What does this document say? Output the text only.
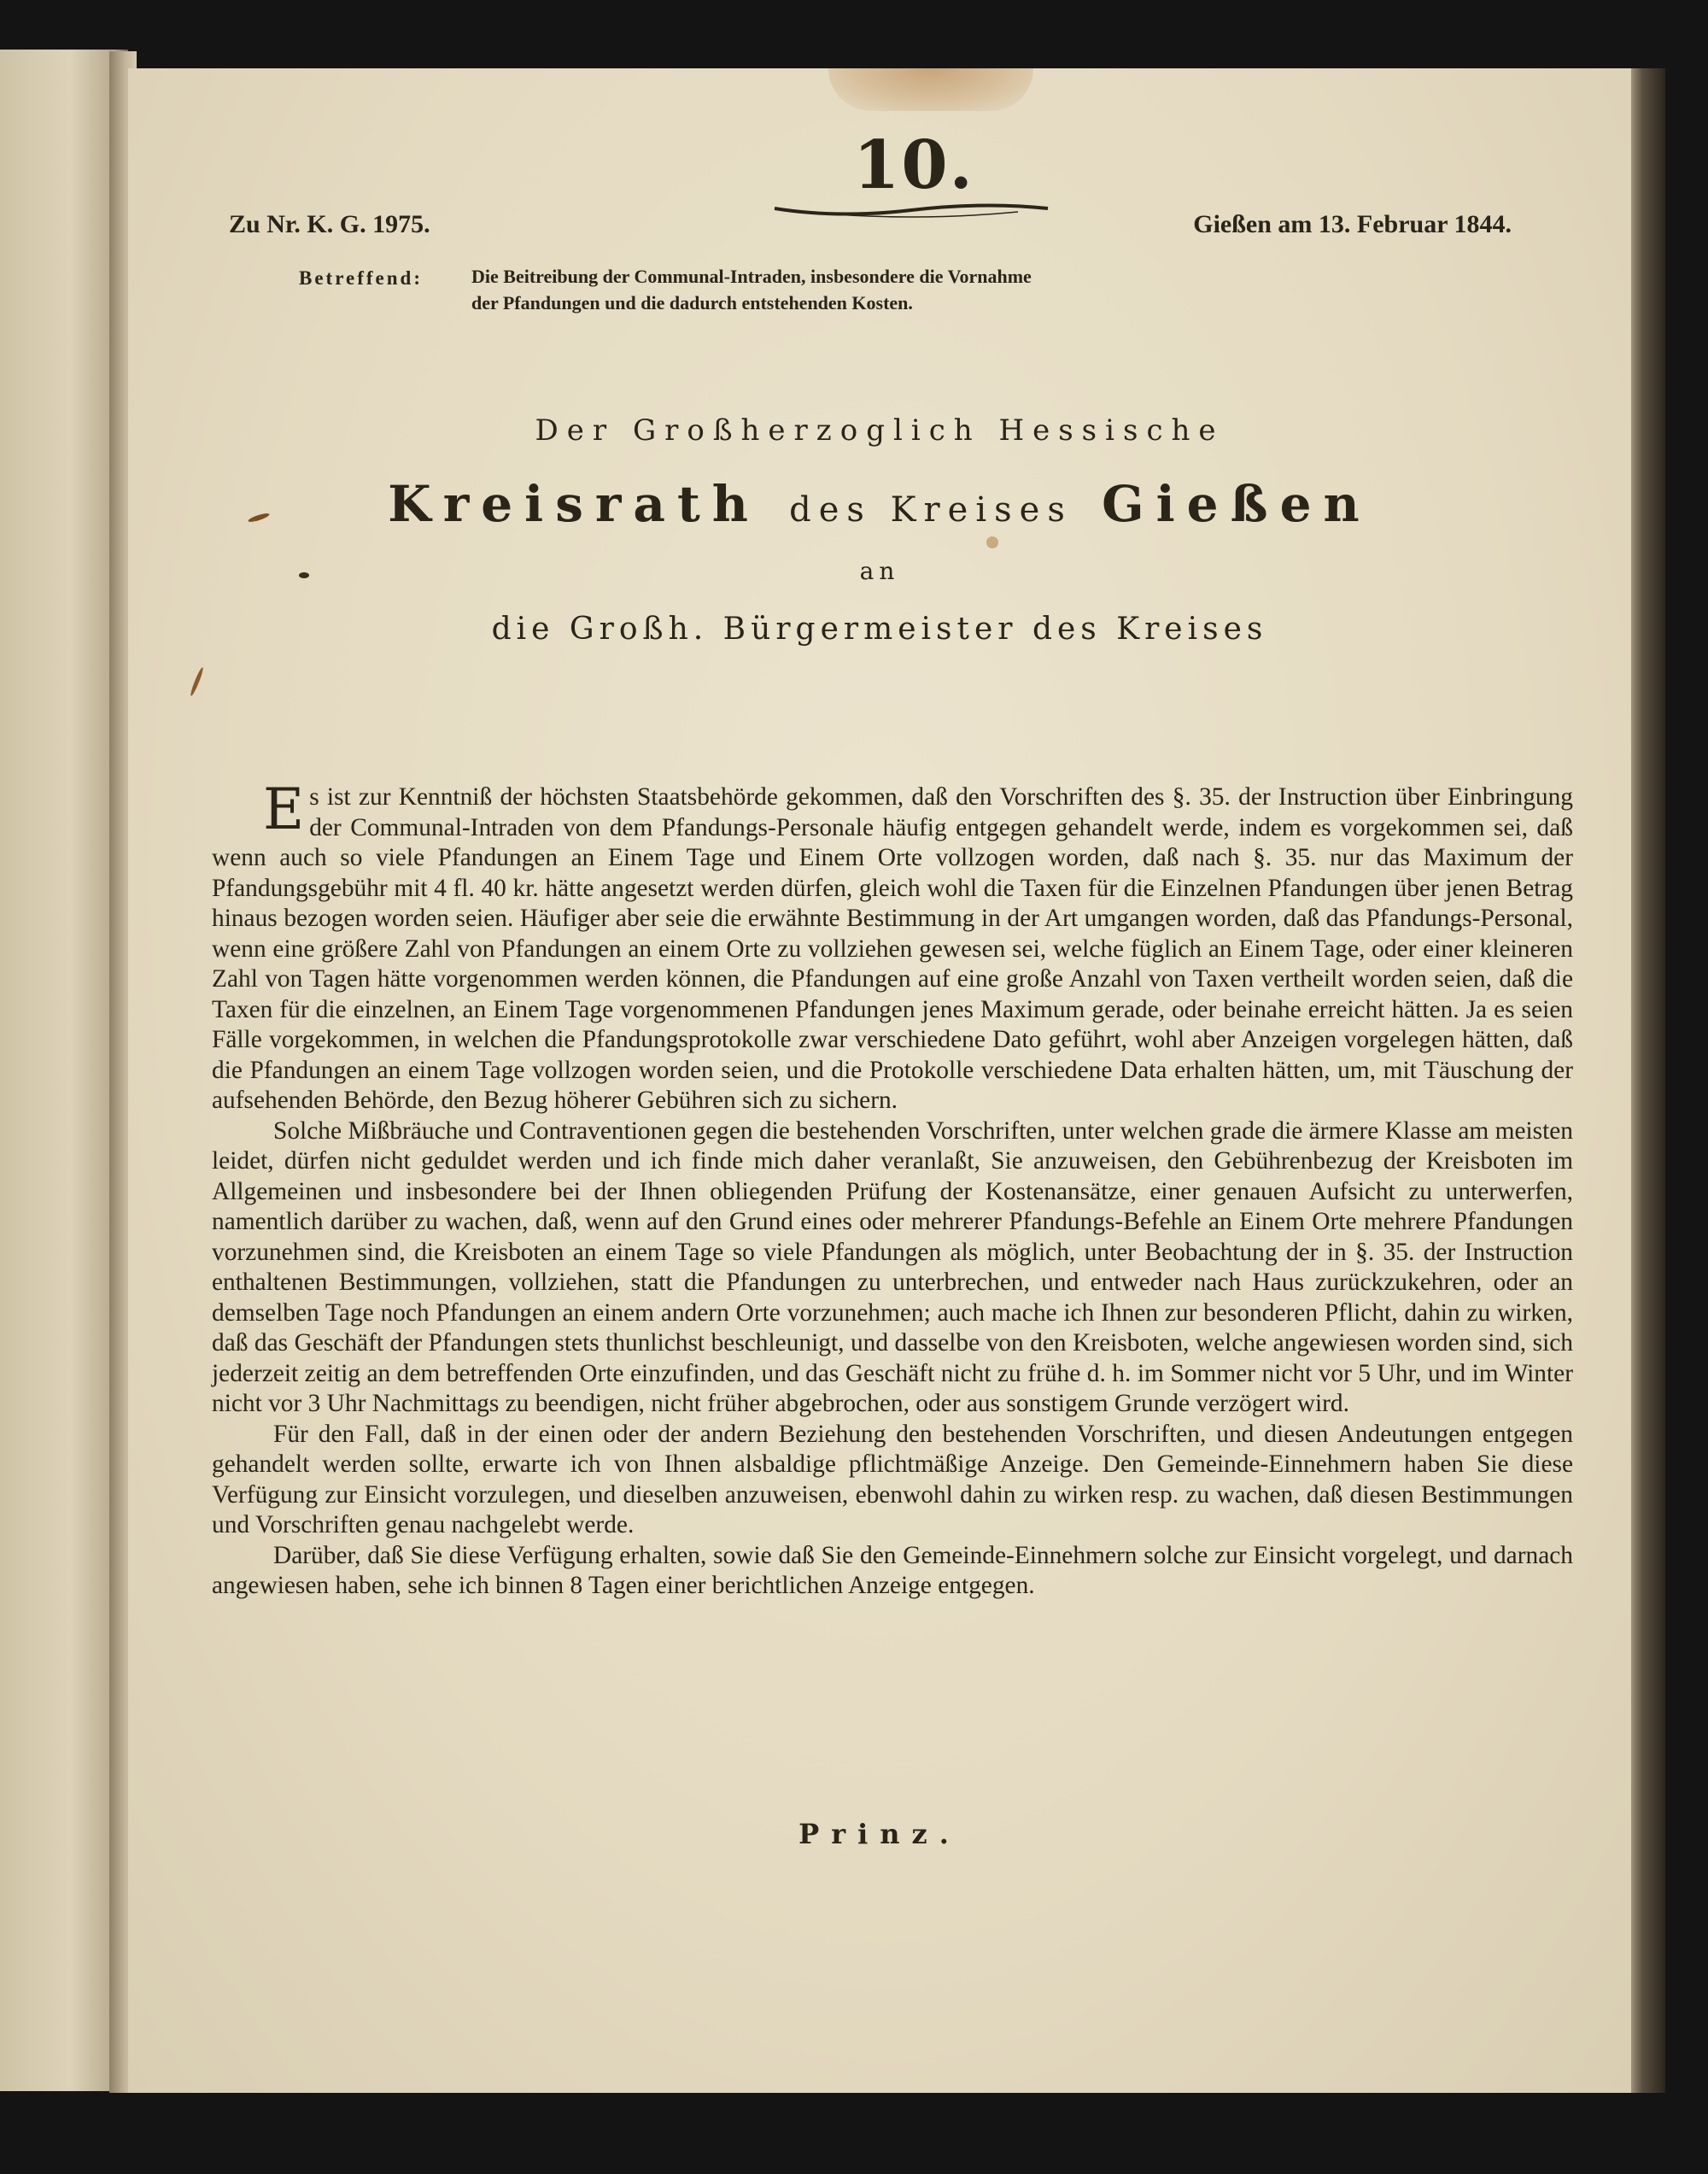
10.
Zu Nr. K. G. 1975.	Gießen am 13. Februar 1844.
Betreffend:	Die Beitreibung der Communal-Intraden, insbesondere die Vornahme der Pfandungen und die dadurch entstehenden Kosten.
Der Großherzoglich Hessische
Kreisrath des Kreises Gießen
an
die Großh. Bürgermeister des Kreises

Es ist zur Kenntniß der höchsten Staatsbehörde gekommen, daß den Vorschriften des §. 35. der Instruction über Einbringung der Communal-Intraden von dem Pfandungs-Personale häufig entgegen gehandelt werde, indem es vorgekommen sei, daß wenn auch so viele Pfandungen an Einem Tage und Einem Orte vollzogen worden, daß nach §. 35. nur das Maximum der Pfandungsgebühr mit 4 fl. 40 kr. hätte angesetzt werden dürfen, gleich wohl die Taxen für die Einzelnen Pfandungen über jenen Betrag hinaus bezogen worden seien. Häufiger aber seie die erwähnte Bestimmung in der Art umgangen worden, daß das Pfandungs-Personal, wenn eine größere Zahl von Pfandungen an einem Orte zu vollziehen gewesen sei, welche füglich an Einem Tage, oder einer kleineren Zahl von Tagen hätte vorgenommen werden können, die Pfandungen auf eine große Anzahl von Taxen vertheilt worden seien, daß die Taxen für die einzelnen, an Einem Tage vorgenommenen Pfandungen jenes Maximum gerade, oder beinahe erreicht hätten. Ja es seien Fälle vorgekommen, in welchen die Pfandungsprotokolle zwar verschiedene Dato geführt, wohl aber Anzeigen vorgelegen hätten, daß die Pfandungen an einem Tage vollzogen worden seien, und die Protokolle verschiedene Data erhalten hätten, um, mit Täuschung der aufsehenden Behörde, den Bezug höherer Gebühren sich zu sichern.

Solche Mißbräuche und Contraventionen gegen die bestehenden Vorschriften, unter welchen grade die ärmere Klasse am meisten leidet, dürfen nicht geduldet werden und ich finde mich daher veranlaßt, Sie anzuweisen, den Gebührenbezug der Kreisboten im Allgemeinen und insbesondere bei der Ihnen obliegenden Prüfung der Kostenansätze, einer genauen Aufsicht zu unterwerfen, namentlich darüber zu wachen, daß, wenn auf den Grund eines oder mehrerer Pfandungs-Befehle an Einem Orte mehrere Pfandungen vorzunehmen sind, die Kreisboten an einem Tage so viele Pfandungen als möglich, unter Beobachtung der in §. 35. der Instruction enthaltenen Bestimmungen, vollziehen, statt die Pfandungen zu unterbrechen, und entweder nach Haus zurückzukehren, oder an demselben Tage noch Pfandungen an einem andern Orte vorzunehmen; auch mache ich Ihnen zur besonderen Pflicht, dahin zu wirken, daß das Geschäft der Pfandungen stets thunlichst beschleunigt, und dasselbe von den Kreisboten, welche angewiesen worden sind, sich jederzeit zeitig an dem betreffenden Orte einzufinden, und das Geschäft nicht zu frühe d. h. im Sommer nicht vor 5 Uhr, und im Winter nicht vor 3 Uhr Nachmittags zu beendigen, nicht früher abgebrochen, oder aus sonstigem Grunde verzögert wird.

Für den Fall, daß in der einen oder der andern Beziehung den bestehenden Vorschriften, und diesen Andeutungen entgegen gehandelt werden sollte, erwarte ich von Ihnen alsbaldige pflichtmäßige Anzeige. Den Gemeinde-Einnehmern haben Sie diese Verfügung zur Einsicht vorzulegen, und dieselben anzuweisen, ebenwohl dahin zu wirken resp. zu wachen, daß diesen Bestimmungen und Vorschriften genau nachgelebt werde.

Darüber, daß Sie diese Verfügung erhalten, sowie daß Sie den Gemeinde-Einnehmern solche zur Einsicht vorgelegt, und darnach angewiesen haben, sehe ich binnen 8 Tagen einer berichtlichen Anzeige entgegen.

Prinz.
